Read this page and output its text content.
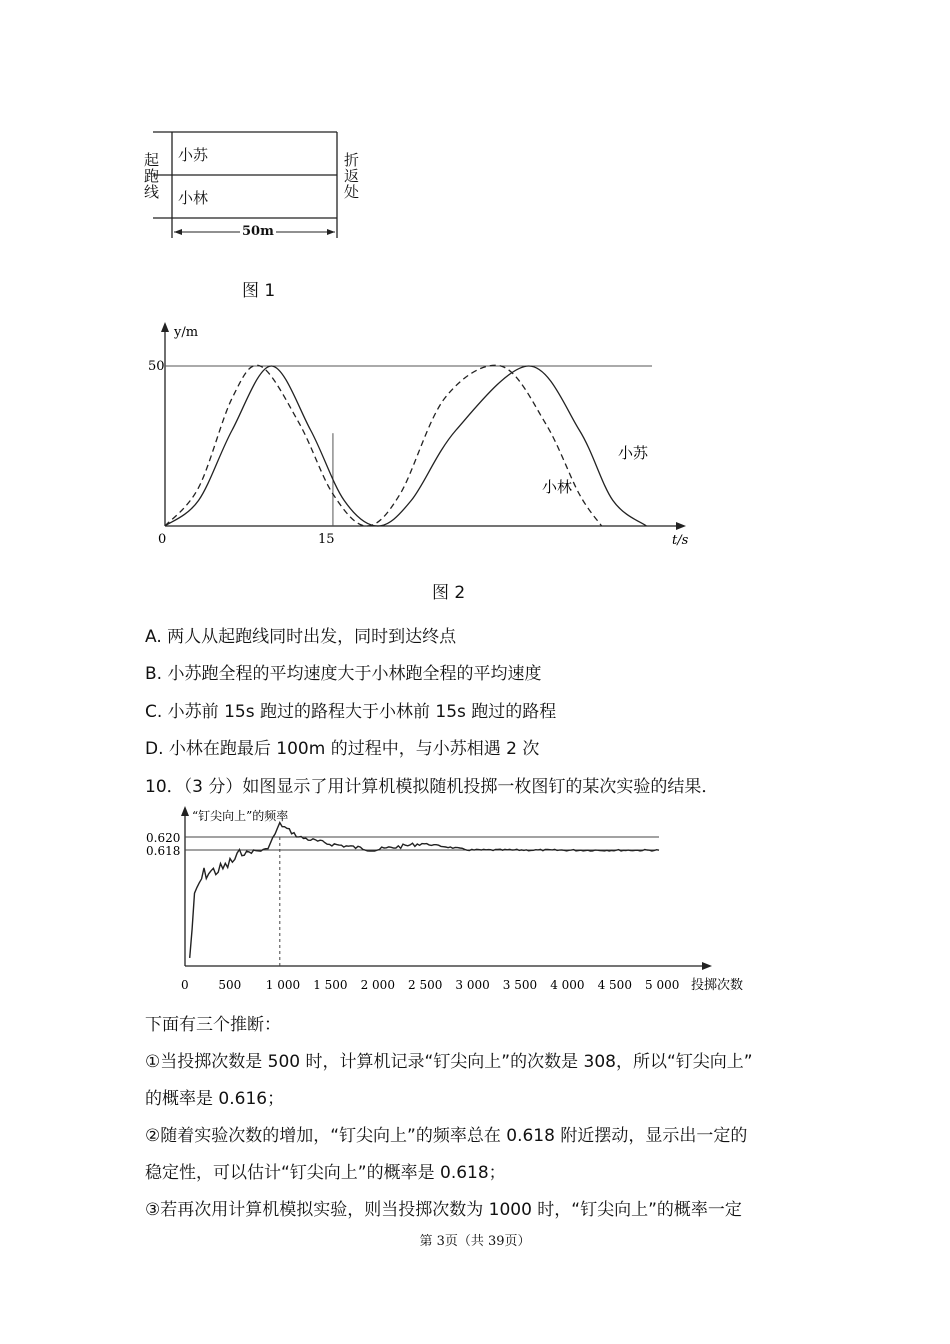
起跑线
折返处
小苏
小林
50m
图 1
y/m
50
0	15	t/s
小苏
小林
图 2
A. 两人从起跑线同时出发，同时到达终点
B. 小苏跑全程的平均速度大于小林跑全程的平均速度
C. 小苏前 15s 跑过的路程大于小林前 15s 跑过的路程
D. 小林在跑最后 100m 的过程中，与小苏相遇 2 次
10．（3 分）如图显示了用计算机模拟随机投掷一枚图钉的某次实验的结果．
“钉尖向上”的频率
0.620
0.618
0 500 1 000 1 500 2 000 2 500 3 000 3 500 4 000 4 500 5 000 投掷次数
下面有三个推断：
①当投掷次数是 500 时，计算机记录“钉尖向上”的次数是 308，所以“钉尖向上”
的概率是 0.616；
②随着实验次数的增加，“钉尖向上”的频率总在 0.618 附近摆动，显示出一定的
稳定性，可以估计“钉尖向上”的概率是 0.618；
③若再次用计算机模拟实验，则当投掷次数为 1000 时，“钉尖向上”的概率一定
第 3页（共 39页）
